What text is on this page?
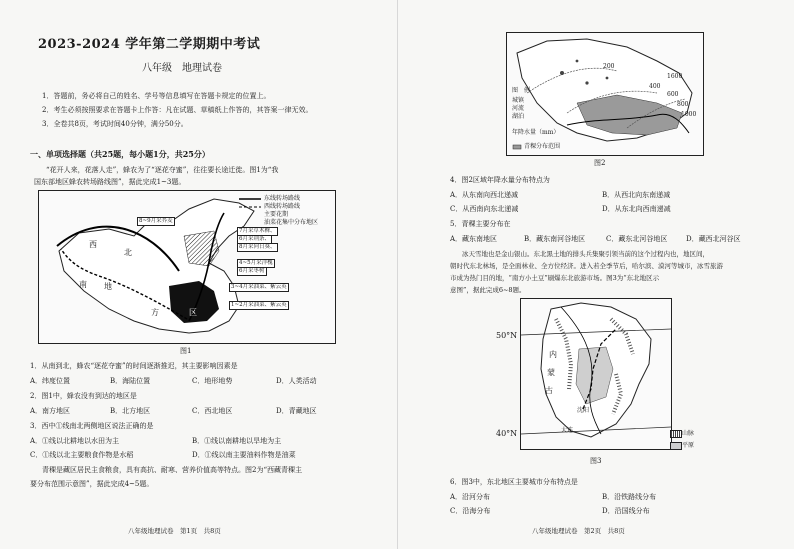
2023-2024 学年第二学期期中考试
八年级　地理试卷
1．答题前，务必将自己的姓名、学号等信息填写在答题卡规定的位置上。
2．考生必须按照要求在答题卡上作答：凡在试题、草稿纸上作答的，其答案一律无效。
3．全卷共8页，考试时间40分钟，满分50分。
一、单项选择题（共25题，每小题1分，共25分）
“花开人来，花落人走”，蜂农为了“逐花夺蜜”，往往要长途迁徙。图1为“我
国东部地区蜂农转场路线图”，据此完成1~3题。
东线转场路线
西线转场路线
主要花期
油菜花集中分布地区
8~9月采荞麦
7月采草木樨、
6月采荆条、
8月采向日葵、
4~5月采洋槐
6月采枣树
3~4月采油菜、紫云英
1~2月采油菜、紫云英
西
北
南 地
区
方
图1
1．从南到北，蜂农“逐花夺蜜”的时间逐渐推迟，其主要影响因素是
A．纬度位置	B．海陆位置	C．地形地势	D．人类活动
2．图1中，蜂农没有到达的地区是
A．南方地区	B．北方地区	C．西北地区	D．青藏地区
3．西中①线南北两侧地区说法正确的是
A．①线以北耕地以水田为主	B．①线以南耕地以旱地为主
C．①线以北主要粮食作物是水稻	D．①线以南主要油料作物是油菜
青稞是藏区居民主食粮食，具有高抗、耐寒、营养价值高等特点。图2为“西藏青稞主
要分布范围示意图”，据此完成4~5题。
八年级地理试卷　第1页　共8页
图　例
城镇
河流
湖泊
年降水量（mm）
青稞分布范围
200
400
600
800
1000
1600
图2
4．图2区域年降水量分布特点为
A．从东南向西北递减	B．从西北向东南递减
C．从西南向东北递减	D．从东北向西南递减
5．青稞主要分布在
A．藏东南地区	B．藏东南河谷地区	C．藏东北河谷地区	D．藏西北河谷区
冰天雪地也是金山银山。东北黑土地的排头兵集聚引领当前的这个过程内也，地区间，
朝时代东北林场，是全面林业、全方位经济。进入若全季节后，哈尔滨、漠河等城市，冰雪旅游
市成为热门目的地，“南方小土豆”刷爆东北旅游市场。图3为“东北地区示
意图”，据此完成6~8题。
50°N
40°N
内
蒙
古
沈阳
大连	山脉
平原
图3
6．图3中，东北地区主要城市分布特点是
A．沿河分布	B．沿铁路线分布
C．沿海分布	D．沿国线分布
八年级地理试卷　第2页　共8页
